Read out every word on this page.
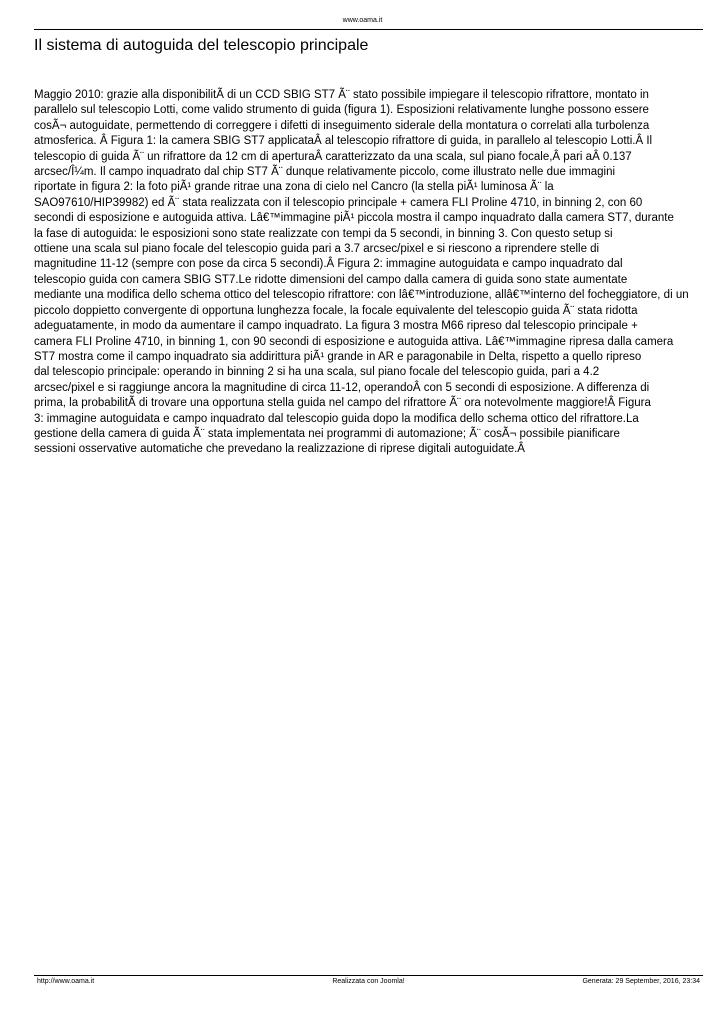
www.oama.it
Il sistema di autoguida del telescopio principale
Maggio 2010: grazie alla disponibilitÃ di un CCD SBIG ST7 Ã¨ stato possibile impiegare il telescopio rifrattore, montato in
parallelo sul telescopio Lotti, come valido strumento di guida (figura 1). Esposizioni relativamente lunghe possono essere
cosÃ¬ autoguidate, permettendo di correggere i difetti di inseguimento siderale della montatura o correlati alla turbolenza
atmosferica. Â Figura 1: la camera SBIG ST7 applicataÂ al telescopio rifrattore di guida, in parallelo al telescopio Lotti.Â Il
telescopio di guida Ã¨ un rifrattore da 12 cm di aperturaÂ caratterizzato da una scala, sul piano focale,Â pari aÂ 0.137
arcsec/Î¼m. Il campo inquadrato dal chip ST7 Ã¨ dunque relativamente piccolo, come illustrato nelle due immagini
riportate in figura 2: la foto piÃ¹ grande ritrae una zona di cielo nel Cancro (la stella piÃ¹ luminosa Ã¨ la
SAO97610/HIP39982) ed Ã¨ stata realizzata con il telescopio principale + camera FLI Proline 4710, in binning 2, con 60
secondi di esposizione e autoguida attiva. Lâ€™immagine piÃ¹ piccola mostra il campo inquadrato dalla camera ST7, durante
la fase di autoguida: le esposizioni sono state realizzate con tempi da 5 secondi, in binning 3. Con questo setup si
ottiene una scala sul piano focale del telescopio guida pari a 3.7 arcsec/pixel e si riescono a riprendere stelle di
magnitudine 11-12 (sempre con pose da circa 5 secondi).Â Figura 2: immagine autoguidata e campo inquadrato dal
telescopio guida con camera SBIG ST7.Le ridotte dimensioni del campo dalla camera di guida sono state aumentate
mediante una modifica dello schema ottico del telescopio rifrattore: con lâ€™introduzione, allâ€™interno del focheggiatore, di un
piccolo doppietto convergente di opportuna lunghezza focale, la focale equivalente del telescopio guida Ã¨ stata ridotta
adeguatamente, in modo da aumentare il campo inquadrato. La figura 3 mostra M66 ripreso dal telescopio principale +
camera FLI Proline 4710, in binning 1, con 90 secondi di esposizione e autoguida attiva. Lâ€™immagine ripresa dalla camera
ST7 mostra come il campo inquadrato sia addirittura piÃ¹ grande in AR e paragonabile in Delta, rispetto a quello ripreso
dal telescopio principale: operando in binning 2 si ha una scala, sul piano focale del telescopio guida, pari a 4.2
arcsec/pixel e si raggiunge ancora la magnitudine di circa 11-12, operandoÂ con 5 secondi di esposizione. A differenza di
prima, la probabilitÃ di trovare una opportuna stella guida nel campo del rifrattore Ã¨ ora notevolmente maggiore!Â Figura
3: immagine autoguidata e campo inquadrato dal telescopio guida dopo la modifica dello schema ottico del rifrattore.La
gestione della camera di guida Ã¨ stata implementata nei programmi di automazione; Ã¨ cosÃ¬ possibile pianificare
sessioni osservative automatiche che prevedano la realizzazione di riprese digitali autoguidate.Â
http://www.oama.it	Realizzata con Joomla!	Generata: 29 September, 2016, 23:34
